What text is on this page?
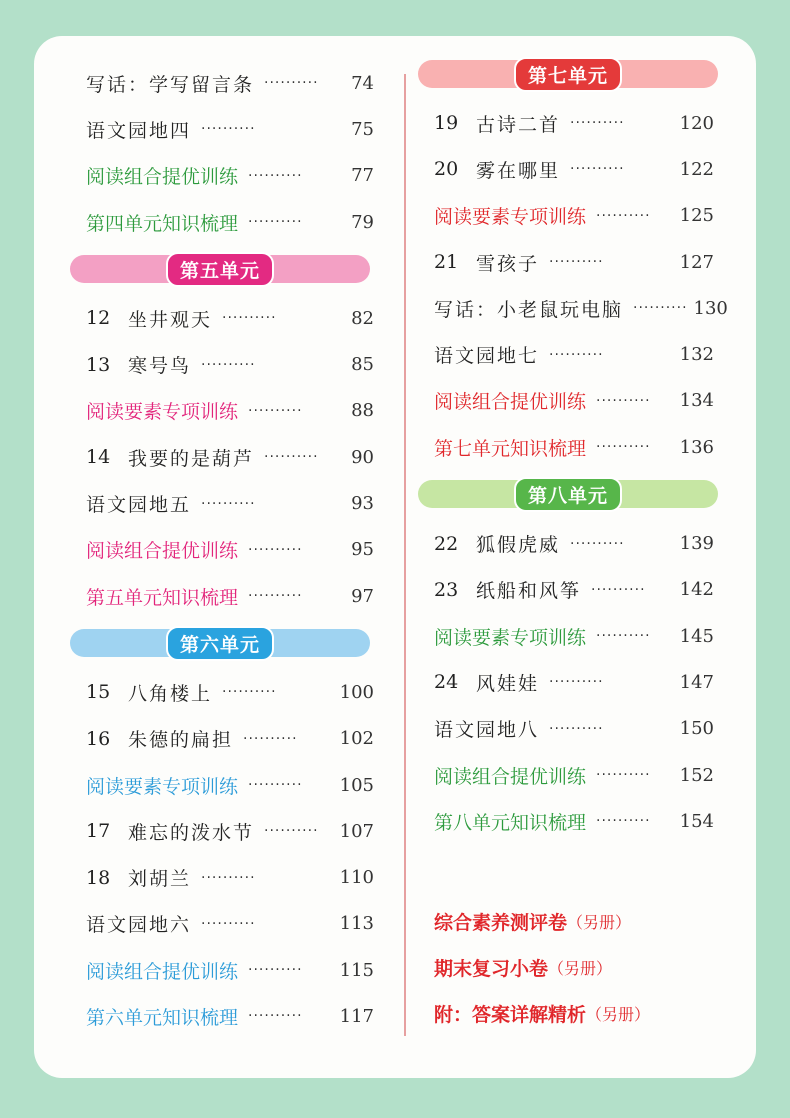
写话：学写留言条 ··········	74
语文园地四 ··········	75
阅读组合提优训练 ··········	77
第四单元知识梳理 ··········	79
第五单元
12 坐井观天 ··········	82
13 寒号鸟 ··········	85
阅读要素专项训练 ··········	88
14 我要的是葫芦 ··········	90
语文园地五 ··········	93
阅读组合提优训练 ··········	95
第五单元知识梳理 ··········	97
第六单元
15 八角楼上 ··········	100
16 朱德的扁担 ··········	102
阅读要素专项训练 ··········	105
17 难忘的泼水节 ··········	107
18 刘胡兰 ··········	110
语文园地六 ··········	113
阅读组合提优训练 ··········	115
第六单元知识梳理 ··········	117
第七单元
19 古诗二首 ··········	120
20 雾在哪里 ··········	122
阅读要素专项训练 ··········	125
21 雪孩子 ··········	127
写话：小老鼠玩电脑 ·········· 130
语文园地七 ··········	132
阅读组合提优训练 ··········	134
第七单元知识梳理 ··········	136
第八单元
22 狐假虎威 ··········	139
23 纸船和风筝 ··········	142
阅读要素专项训练 ··········	145
24 风娃娃 ··········	147
语文园地八 ··········	150
阅读组合提优训练 ··········	152
第八单元知识梳理 ··········	154
综合素养测评卷 （另册）
期末复习小卷 （另册）
附：答案详解精析 （另册）
